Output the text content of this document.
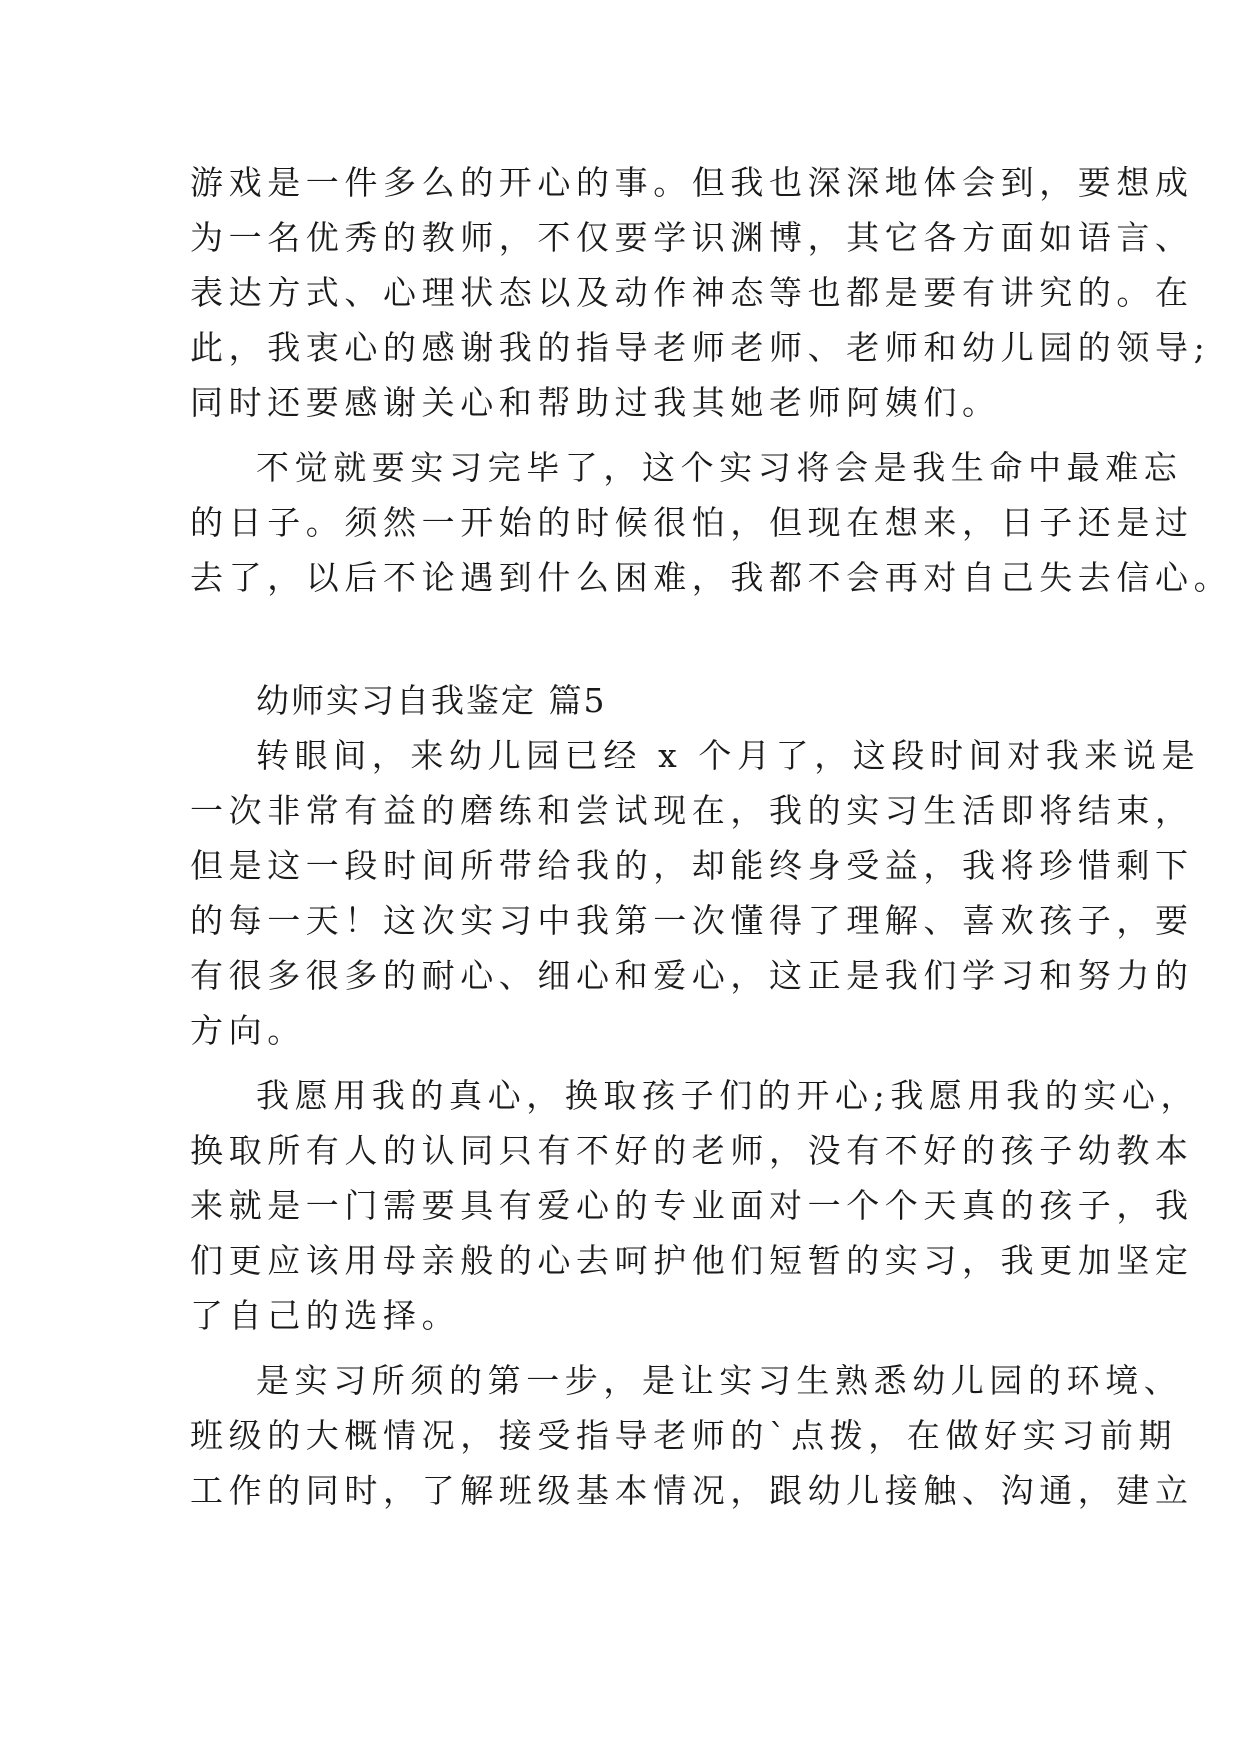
游戏是一件多么的开心的事。但我也深深地体会到，要想成
为一名优秀的教师，不仅要学识渊博，其它各方面如语言、
表达方式、心理状态以及动作神态等也都是要有讲究的。在
此，我衷心的感谢我的指导老师老师、老师和幼儿园的领导;
同时还要感谢关心和帮助过我其她老师阿姨们。
不觉就要实习完毕了，这个实习将会是我生命中最难忘
的日子。须然一开始的时候很怕，但现在想来，日子还是过
去了，以后不论遇到什么困难，我都不会再对自己失去信心。
幼师实习自我鉴定 篇5
转眼间，来幼儿园已经 x 个月了，这段时间对我来说是
一次非常有益的磨练和尝试现在，我的实习生活即将结束，
但是这一段时间所带给我的，却能终身受益，我将珍惜剩下
的每一天！这次实习中我第一次懂得了理解、喜欢孩子，要
有很多很多的耐心、细心和爱心，这正是我们学习和努力的
方向。
我愿用我的真心，换取孩子们的开心;我愿用我的实心，
换取所有人的认同只有不好的老师，没有不好的孩子幼教本
来就是一门需要具有爱心的专业面对一个个天真的孩子，我
们更应该用母亲般的心去呵护他们短暂的实习，我更加坚定
了自己的选择。
是实习所须的第一步，是让实习生熟悉幼儿园的环境、
班级的大概情况，接受指导老师的`点拨，在做好实习前期
工作的同时，了解班级基本情况，跟幼儿接触、沟通，建立
